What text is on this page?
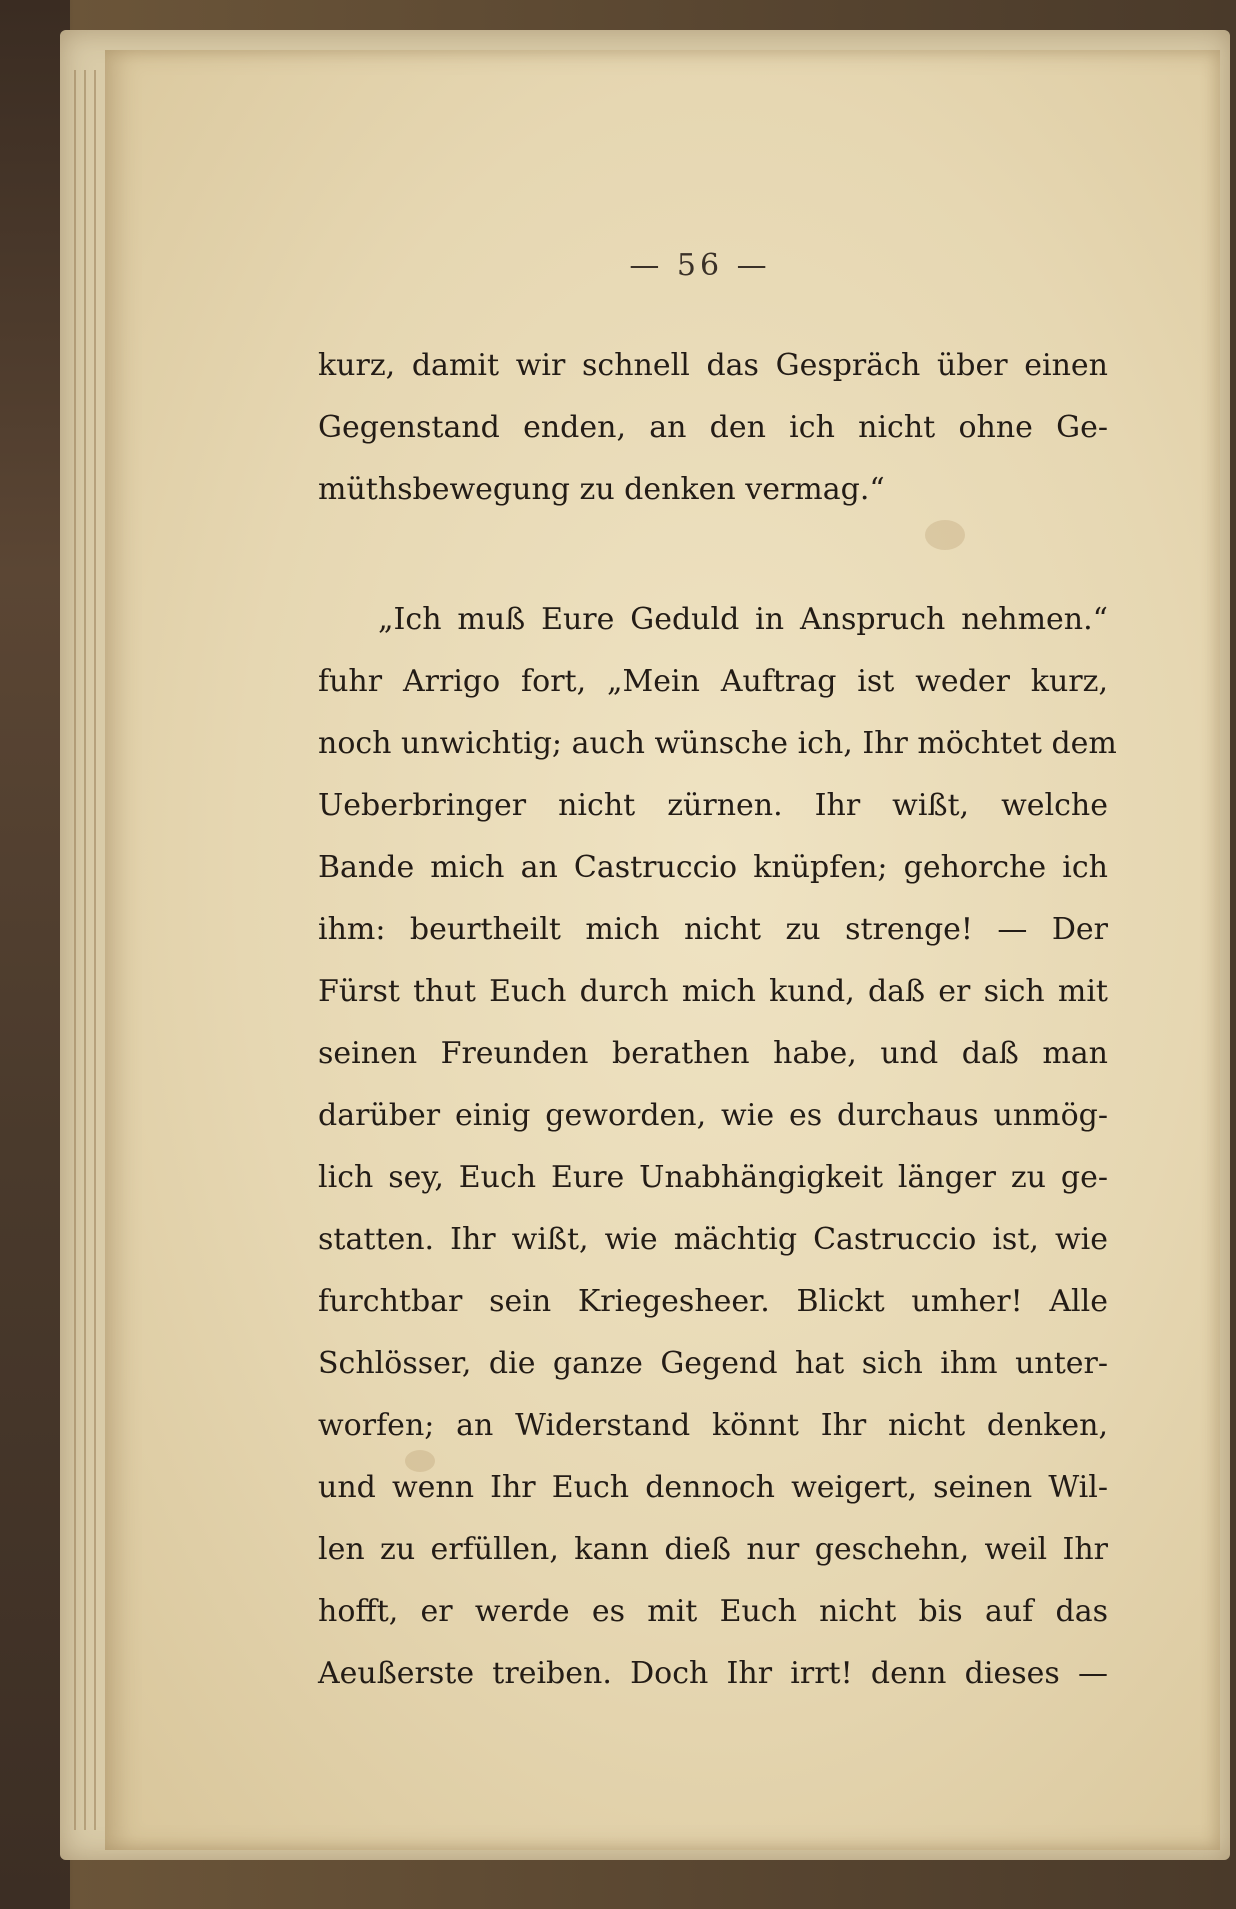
— 56 —
kurz, damit wir schnell das Gespräch über einen
Gegenstand enden, an den ich nicht ohne Ge-
müthsbewegung zu denken vermag.“
„Ich muß Eure Geduld in Anspruch nehmen.“
fuhr Arrigo fort, „Mein Auftrag ist weder kurz,
noch unwichtig; auch wünsche ich, Ihr möchtet dem
Ueberbringer nicht zürnen. Ihr wißt, welche
Bande mich an Castruccio knüpfen; gehorche ich
ihm: beurtheilt mich nicht zu strenge! — Der
Fürst thut Euch durch mich kund, daß er sich mit
seinen Freunden berathen habe, und daß man
darüber einig geworden, wie es durchaus unmög-
lich sey, Euch Eure Unabhängigkeit länger zu ge-
statten. Ihr wißt, wie mächtig Castruccio ist, wie
furchtbar sein Kriegesheer. Blickt umher! Alle
Schlösser, die ganze Gegend hat sich ihm unter-
worfen; an Widerstand könnt Ihr nicht denken,
und wenn Ihr Euch dennoch weigert, seinen Wil-
len zu erfüllen, kann dieß nur geschehn, weil Ihr
hofft, er werde es mit Euch nicht bis auf das
Aeußerste treiben. Doch Ihr irrt! denn dieses —
